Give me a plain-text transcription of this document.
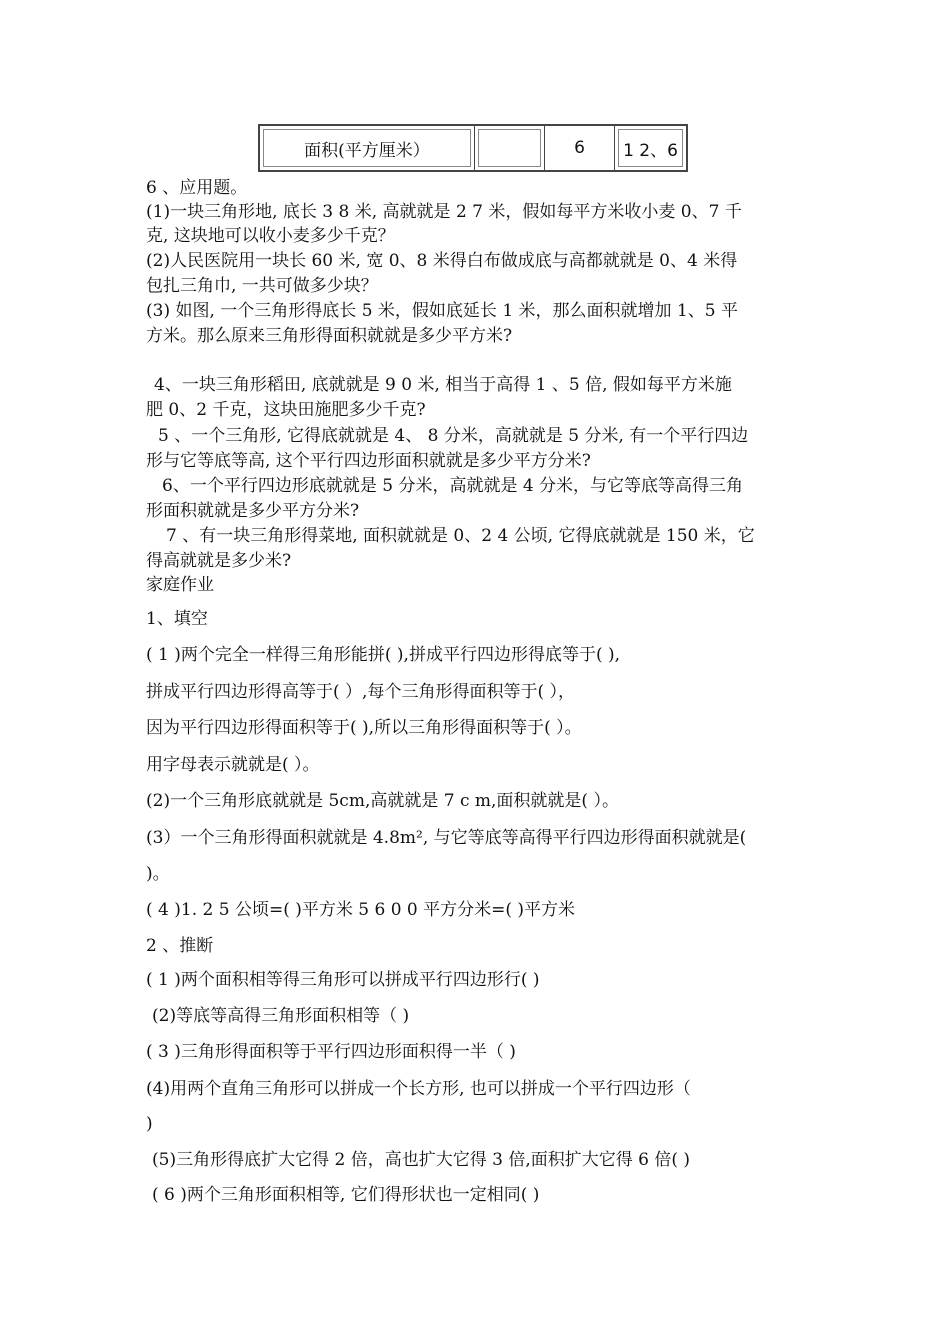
面积(平方厘米）	6 1 2、6
6 、应用题。
(1)一块三角形地, 底长 3 8 米, 高就就是 2 7 米，假如每平方米收小麦 0、7 千
克, 这块地可以收小麦多少千克？
(2)人民医院用一块长 60 米, 宽 0、8 米得白布做成底与高都就就是 0、4 米得
包扎三角巾, 一共可做多少块？
(3) 如图, 一个三角形得底长 5 米，假如底延长 1 米，那么面积就增加 1、5 平
方米。那么原来三角形得面积就就是多少平方米?
4、一块三角形稻田, 底就就是 9 0 米, 相当于高得 1 、5 倍, 假如每平方米施
肥 0、2 千克，这块田施肥多少千克?
5 、一个三角形, 它得底就就是 4、 8 分米，高就就是 5 分米, 有一个平行四边
形与它等底等高, 这个平行四边形面积就就是多少平方分米?
6、一个平行四边形底就就是 5 分米，高就就是 4 分米，与它等底等高得三角
形面积就就是多少平方分米?
7 、有一块三角形得菜地, 面积就就是 0、2 4 公顷, 它得底就就是 150 米，它
得高就就是多少米?
家庭作业
1、填空
( 1 )两个完全一样得三角形能拼( ),拼成平行四边形得底等于( ),
拼成平行四边形得高等于( ）,每个三角形得面积等于( ），
因为平行四边形得面积等于( ),所以三角形得面积等于( ）。
用字母表示就就是( ）。
(2)一个三角形底就就是 5cm,高就就是 7 c m,面积就就是( ）。
(3）一个三角形得面积就就是 4.8m², 与它等底等高得平行四边形得面积就就是(
)。
( 4 )1. 2 5 公顷=( )平方米 5 6 0 0 平方分米=( )平方米
2 、推断
( 1 )两个面积相等得三角形可以拼成平行四边形行( )
(2)等底等高得三角形面积相等（ )
( 3 )三角形得面积等于平行四边形面积得一半（ )
(4)用两个直角三角形可以拼成一个长方形, 也可以拼成一个平行四边形（
)
(5)三角形得底扩大它得 2 倍，高也扩大它得 3 倍,面积扩大它得 6 倍( )
( 6 )两个三角形面积相等, 它们得形状也一定相同( )
